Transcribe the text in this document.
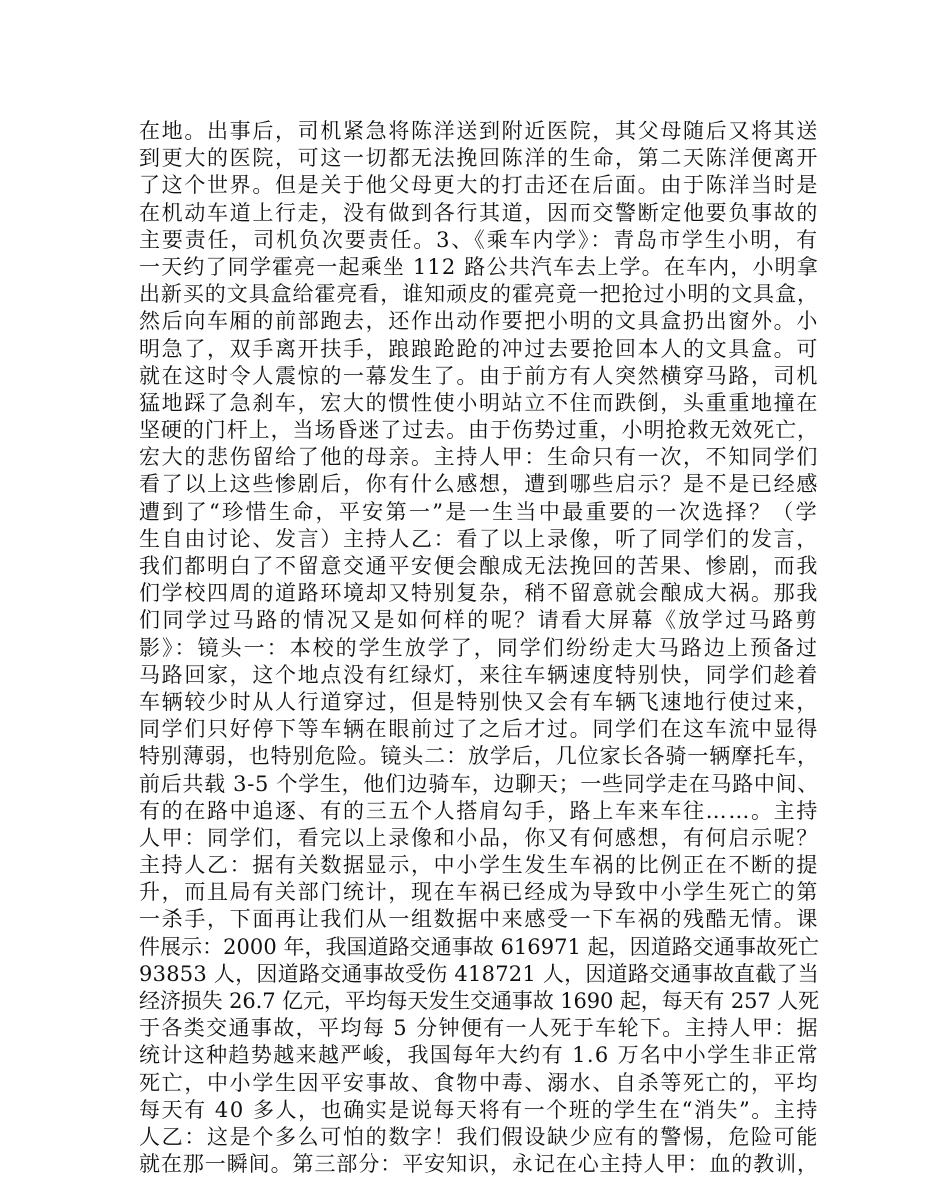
在地。出事后，司机紧急将陈洋送到附近医院，其父母随后又将其送
到更大的医院，可这一切都无法挽回陈洋的生命，第二天陈洋便离开
了这个世界。但是关于他父母更大的打击还在后面。由于陈洋当时是
在机动车道上行走，没有做到各行其道，因而交警断定他要负事故的
主要责任，司机负次要责任。3、《乘车内学》：青岛市学生小明，有
一天约了同学霍亮一起乘坐 112 路公共汽车去上学。在车内，小明拿
出新买的文具盒给霍亮看，谁知顽皮的霍亮竟一把抢过小明的文具盒，
然后向车厢的前部跑去，还作出动作要把小明的文具盒扔出窗外。小
明急了，双手离开扶手，踉踉跄跄的冲过去要抢回本人的文具盒。可
就在这时令人震惊的一幕发生了。由于前方有人突然横穿马路，司机
猛地踩了急刹车，宏大的惯性使小明站立不住而跌倒，头重重地撞在
坚硬的门杆上，当场昏迷了过去。由于伤势过重，小明抢救无效死亡，
宏大的悲伤留给了他的母亲。主持人甲：生命只有一次，不知同学们
看了以上这些惨剧后，你有什么感想，遭到哪些启示？是不是已经感
遭到了“珍惜生命，平安第一”是一生当中最重要的一次选择？（学
生自由讨论、发言）主持人乙：看了以上录像，听了同学们的发言，
我们都明白了不留意交通平安便会酿成无法挽回的苦果、惨剧，而我
们学校四周的道路环境却又特别复杂，稍不留意就会酿成大祸。那我
们同学过马路的情况又是如何样的呢？请看大屏幕《放学过马路剪
影》：镜头一：本校的学生放学了，同学们纷纷走大马路边上预备过
马路回家，这个地点没有红绿灯，来往车辆速度特别快，同学们趁着
车辆较少时从人行道穿过，但是特别快又会有车辆飞速地行使过来，
同学们只好停下等车辆在眼前过了之后才过。同学们在这车流中显得
特别薄弱，也特别危险。镜头二：放学后，几位家长各骑一辆摩托车，
前后共载 3-5 个学生，他们边骑车，边聊天；一些同学走在马路中间、
有的在路中追逐、有的三五个人搭肩勾手，路上车来车往……。主持
人甲：同学们，看完以上录像和小品，你又有何感想，有何启示呢？
主持人乙：据有关数据显示，中小学生发生车祸的比例正在不断的提
升，而且局有关部门统计，现在车祸已经成为导致中小学生死亡的第
一杀手，下面再让我们从一组数据中来感受一下车祸的残酷无情。课
件展示：2000 年，我国道路交通事故 616971 起，因道路交通事故死亡
93853 人，因道路交通事故受伤 418721 人，因道路交通事故直截了当
经济损失 26.7 亿元，平均每天发生交通事故 1690 起，每天有 257 人死
于各类交通事故，平均每 5 分钟便有一人死于车轮下。主持人甲：据
统计这种趋势越来越严峻，我国每年大约有 1.6 万名中小学生非正常
死亡，中小学生因平安事故、食物中毒、溺水、自杀等死亡的，平均
每天有 40 多人，也确实是说每天将有一个班的学生在“消失”。主持
人乙：这是个多么可怕的数字！我们假设缺少应有的警惕，危险可能
就在那一瞬间。第三部分：平安知识，永记在心主持人甲：血的教训，
